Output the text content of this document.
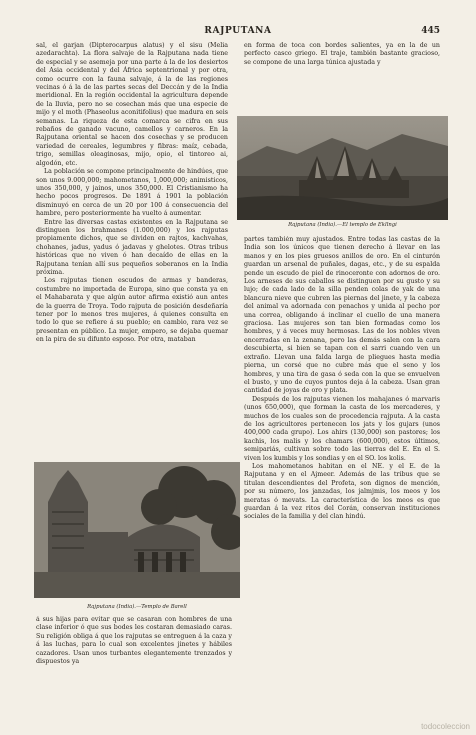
RAJPUTANA	445

sal, el garjan (Dipterocarpus alatus) y el sisu (Melia azedarachta). La flora salvaje de la Rajputana nada tiene de especial y se asemeja por una parte á la de los desiertos del Asia occidental y del África septentrional y por otra, como ocurre con la fauna salvaje, á la de las regiones vecinas ó á la de las partes secas del Deccán y de la India meridional. En la región occidental la agricultura depende de la lluvia, pero no se cosechan más que una especie de mijo y el moth (Phaseolus aconitifolius) que madura en seis semanas. La riqueza de esta comarca se cifra en sus rebaños de ganado vacuno, camellos y carneros. En la Rajputana oriental se hacen dos cosechas y se producen variedad de cereales, legumbres y fibras: maíz, cebada, trigo, semillas oleaginosas, mijo, opio, el tintoreo ai, algodón, etc.

La población se compone principalmente de hindúes, que son unos 9.000,000; mahometanos, 1,000,000; animisticos, unos 350,000, y jainos, unos 350,000. El Cristianismo ha hecho pocos progresos. De 1891 á 1901 la población disminuyó en cerca de un 20 por 100 á consecuencia del hambre, pero posteriormente ha vuelto á aumentar.

Entre las diversas castas existentes en la Rajputana se distinguen los brahmanes (1.000,000) y los rajputas propiamente dichos, que se dividen en rajtos, kachvahas, chohanes, jadus, yadus ó jadavas y ghelotes. Otras tribus históricas que no viven ó han decaído de ellas en la Rajputana tenían allí sus pequeños soberanos en la India próxima.

Los rajputas tienen escudos de armas y banderas, costumbre no importada de Europa, sino que consta ya en el Mahabarata y que algún autor afirma existió aun antes de la guerra de Troya. Todo rajputa de posición desdeñaría tener por lo menos tres mujeres, á quienes consulta en todo lo que se refiere á su pueblo; en cambio, rara vez se presentan en público. La mujer, empero, se dejaba quemar en la pira de su difunto esposo. Por otra, mataban

en forma de toca con bordes salientes, ya en la de un perfecto casco griego. El traje, también bastante gracioso, se compone de una larga túnica ajustada y

Rajputana (India).—El templo de Ekllngi

partes también muy ajustados. Entre todas las castas de la India son los únicos que tienen derecho á llevar en las manos y en los pies gruesos anillos de oro. En el cinturón guardan un arsenal de puñales, dagas, etc., y de su espalda pende un escudo de piel de rinoceronte con adornos de oro. Los arneses de sus caballos se distinguen por su gusto y su lujo; de cada lado de la silla penden colas de yak de una blancura nieve que cubren las piernas del jinete, y la cabeza del animal va adornada con penachos y unida al pecho por una correa, obligando á inclinar el cuello de una manera graciosa. Las mujeres son tan bien formadas como los hombres, y á veces muy hermosas. Las de los nobles viven encerradas en la zenana, pero las demás salen con la cara descubierta, si bien se tapan con el sarri cuando ven un extraño. Llevan una falda larga de pliegues hasta media pierna, un corsé que no cubre más que el seno y los hombres, y una tira de gasa ó seda con la que se envuelven el busto, y uno de cuyos puntos deja á la cabeza. Usan gran cantidad de joyas de oro y plata.

Después de los rajputas vienen los mahajanes ó marvaris (unos 650,000), que forman la casta de los mercaderes, y muchos de los cuales son de procedencia rajputa. A la casta de los agricultores pertenecen los jats y los gujars (unos 400,000 cada grupo). Los ahirs (130,000) son pastores; los kachis, los malis y los chamars (600,000), estos últimos, semipariás, cultivan sobre todo las tierras del E. En el S. viven los kumbis y los sondias y en el SO. los kolis.

Los mahometanos habitan en el NE. y el E. de la Rajputana y en el Ajmeer. Además de las tribus que se titulan descendientes del Profeta, son dignos de mención, por su número, los janzadas, los jalmjmis, los meos y los meratas ó mevats. La característica de los meos es que guardan á la vez ritos del Corán, conservan instituciones sociales de la familia y del clan hindú.

Rajputana (India).—Templo de Barell

á sus hijas para evitar que se casaran con hombres de una clase inferior ó que sus bodes les costaran demasiado caras. Su religión obliga á que los rajputas se entreguen á la caza y á las luchas, para lo cual son excelentes jinetes y hábiles cazadores. Usan unos turbantes elegantemente trenzados y dispuestos ya

todocoleccion
